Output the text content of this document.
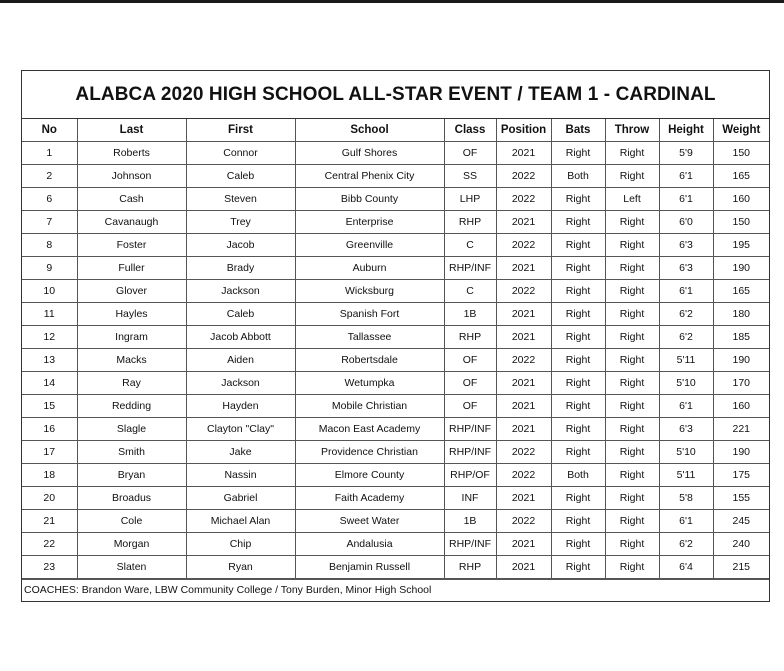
ALABCA 2020 HIGH SCHOOL ALL-STAR EVENT / TEAM 1 - CARDINAL
No	Last	First	School	Class	Position	Bats	Throw	Height	Weight
1	Roberts	Connor	Gulf Shores	OF	2021	Right	Right	5'9	150
2	Johnson	Caleb	Central Phenix City	SS	2022	Both	Right	6'1	165
6	Cash	Steven	Bibb County	LHP	2022	Right	Left	6'1	160
7	Cavanaugh	Trey	Enterprise	RHP	2021	Right	Right	6'0	150
8	Foster	Jacob	Greenville	C	2022	Right	Right	6'3	195
9	Fuller	Brady	Auburn	RHP/INF	2021	Right	Right	6'3	190
10	Glover	Jackson	Wicksburg	C	2022	Right	Right	6'1	165
11	Hayles	Caleb	Spanish Fort	1B	2021	Right	Right	6'2	180
12	Ingram	Jacob Abbott	Tallassee	RHP	2021	Right	Right	6'2	185
13	Macks	Aiden	Robertsdale	OF	2022	Right	Right	5'11	190
14	Ray	Jackson	Wetumpka	OF	2021	Right	Right	5'10	170
15	Redding	Hayden	Mobile Christian	OF	2021	Right	Right	6'1	160
16	Slagle	Clayton "Clay"	Macon East Academy	RHP/INF	2021	Right	Right	6'3	221
17	Smith	Jake	Providence Christian	RHP/INF	2022	Right	Right	5'10	190
18	Bryan	Nassin	Elmore County	RHP/OF	2022	Both	Right	5'11	175
20	Broadus	Gabriel	Faith Academy	INF	2021	Right	Right	5'8	155
21	Cole	Michael Alan	Sweet Water	1B	2022	Right	Right	6'1	245
22	Morgan	Chip	Andalusia	RHP/INF	2021	Right	Right	6'2	240
23	Slaten	Ryan	Benjamin Russell	RHP	2021	Right	Right	6'4	215
COACHES: Brandon Ware, LBW Community College / Tony Burden, Minor High School
